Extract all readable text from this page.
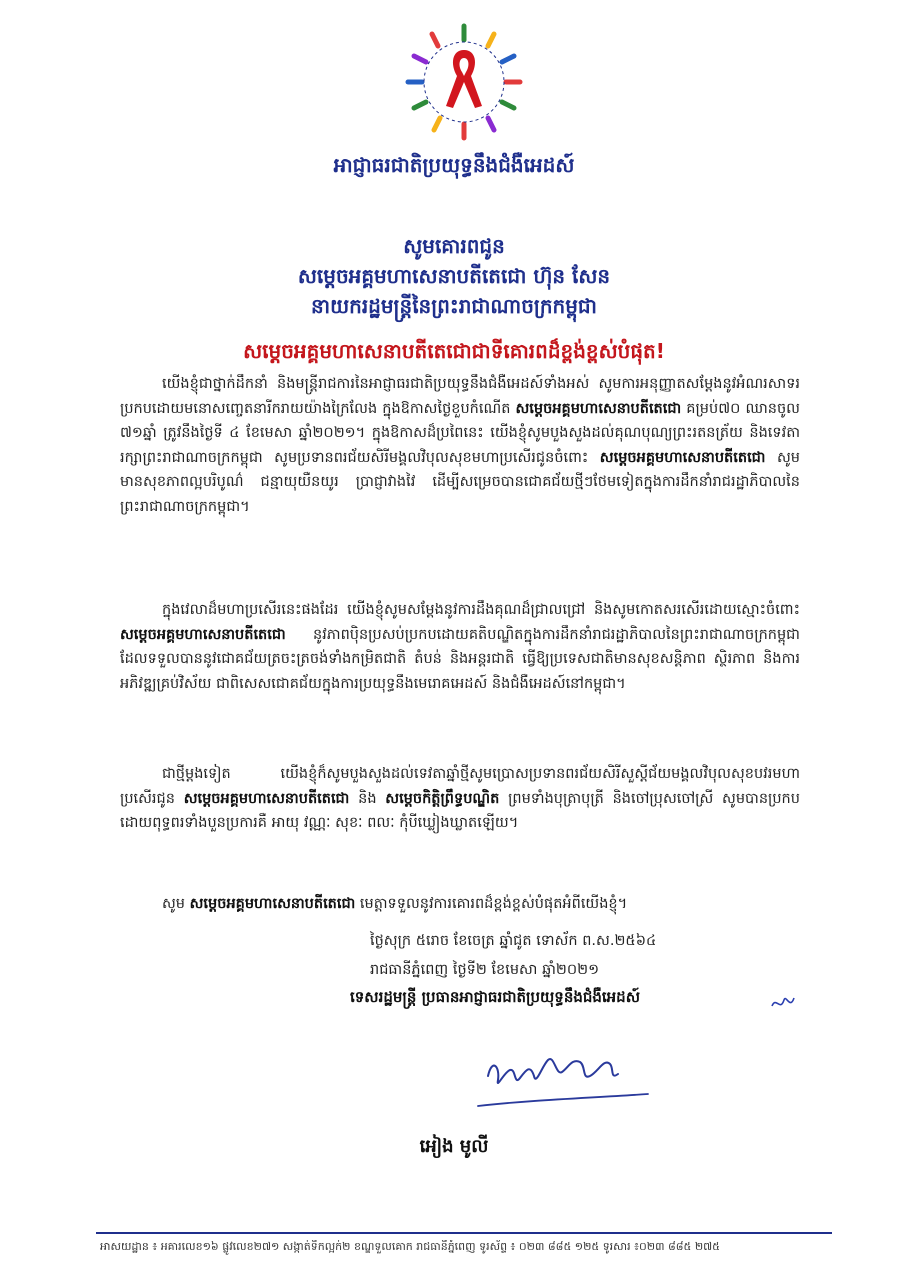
អាជ្ញាធរជាតិប្រយុទ្ធនឹងជំងឺអេដស៍
សូមគោរពជូន
សម្តេចអគ្គមហាសេនាបតីតេជោ ហ៊ុន សែន
នាយករដ្ឋមន្ត្រីនៃព្រះរាជាណាចក្រកម្ពុជា
សម្តេចអគ្គមហាសេនាបតីតេជោជាទីគោរពដ៏ខ្ពង់ខ្ពស់បំផុត!

យើងខ្ញុំជាថ្នាក់ដឹកនាំ និងមន្ត្រីរាជការនៃអាជ្ញាធរជាតិប្រយុទ្ធនឹងជំងឺអេដស៍ទាំងអស់ សូមការអនុញ្ញាតសម្តែងនូវអំណរសាទរ ប្រកបដោយមនោសញ្ចេតនារីករាយយ៉ាងក្រៃលែង ក្នុងឱកាសថ្ងៃខួបកំណើត សម្តេចអគ្គមហាសេនាបតីតេជោ គម្រប់៧០ ឈានចូល ៧១ឆ្នាំ ត្រូវនឹងថ្ងៃទី ៤ ខែមេសា ឆ្នាំ២០២១។ ក្នុងឱកាសដ៏ប្រពៃនេះ យើងខ្ញុំសូមបួងសួងដល់គុណបុណ្យព្រះរតនត្រ័យ និងទេវតារក្សាព្រះរាជាណាចក្រកម្ពុជា សូមប្រទានពរជ័យសិរីមង្គលវិបុលសុខមហាប្រសើរជូនចំពោះ សម្តេចអគ្គមហាសេនាបតីតេជោ សូមមានសុខភាពល្អបរិបូណ៌ ជន្មាយុយឺនយូរ ប្រាជ្ញាវាងវៃ ដើម្បីសម្រេចបានជោគជ័យថ្មីៗថែមទៀតក្នុងការដឹកនាំរាជរដ្ឋាភិបាលនៃព្រះរាជាណាចក្រកម្ពុជា។

ក្នុងវេលាដ៏មហាប្រសើរនេះផងដែរ យើងខ្ញុំសូមសម្តែងនូវការដឹងគុណដ៏ជ្រាលជ្រៅ និងសូមកោតសរសើរដោយស្មោះចំពោះ សម្តេចអគ្គមហាសេនាបតីតេជោ នូវភាពប៉ិនប្រសប់ប្រកបដោយគតិបណ្ឌិតក្នុងការដឹកនាំរាជរដ្ឋាភិបាលនៃព្រះរាជាណាចក្រកម្ពុជា ដែលទទួលបាននូវជោគជ័យត្រចះត្រចង់ទាំងកម្រិតជាតិ តំបន់ និងអន្តរជាតិ ធ្វើឱ្យប្រទេសជាតិមានសុខសន្តិភាព ស្ថិរភាព និងការអភិវឌ្ឍគ្រប់វិស័យ ជាពិសេសជោគជ័យក្នុងការប្រយុទ្ធនឹងមេរោគអេដស៍ និងជំងឺអេដស៍នៅកម្ពុជា។

ជាថ្មីម្តងទៀត យើងខ្ញុំក៏សូមបួងសួងដល់ទេវតាឆ្នាំថ្មីសូមប្រោសប្រទានពរជ័យសិរីសួស្តីជ័យមង្គលវិបុលសុខបវរមហាប្រសើរជូន សម្តេចអគ្គមហាសេនាបតីតេជោ និង សម្តេចកិត្តិព្រឹទ្ធបណ្ឌិត ព្រមទាំងបុត្រាបុត្រី និងចៅប្រុសចៅស្រី សូមបានប្រកបដោយពុទ្ធពរទាំងបួនប្រការគឺ អាយុ វណ្ណៈ សុខៈ ពលៈ កុំបីឃ្លៀងឃ្លាតឡើយ។

សូម សម្តេចអគ្គមហាសេនាបតីតេជោ មេត្តាទទួលនូវការគោរពដ៏ខ្ពង់ខ្ពស់បំផុតអំពីយើងខ្ញុំ។

ថ្ងៃសុក្រ ៥រោច ខែចេត្រ ឆ្នាំជូត ទោស័ក ព.ស.២៥៦៤
រាជធានីភ្នំពេញ ថ្ងៃទី២ ខែមេសា ឆ្នាំ២០២១
ទេសរដ្ឋមន្ត្រី ប្រធានអាជ្ញាធរជាតិប្រយុទ្ធនឹងជំងឺអេដស៍
អៀង មូលី
អាសយដ្ឋាន ៖ អគារលេខ១៦ ផ្លូវលេខ២៧១ សង្កាត់ទឹកល្អក់២ ខណ្ឌទួលគោក រាជធានីភ្នំពេញ ទូរស័ព្ទ ៖ ០២៣ ៨៨៥ ១២៥ ទូរសារ ៖០២៣ ៨៨៥ ២៧៥
